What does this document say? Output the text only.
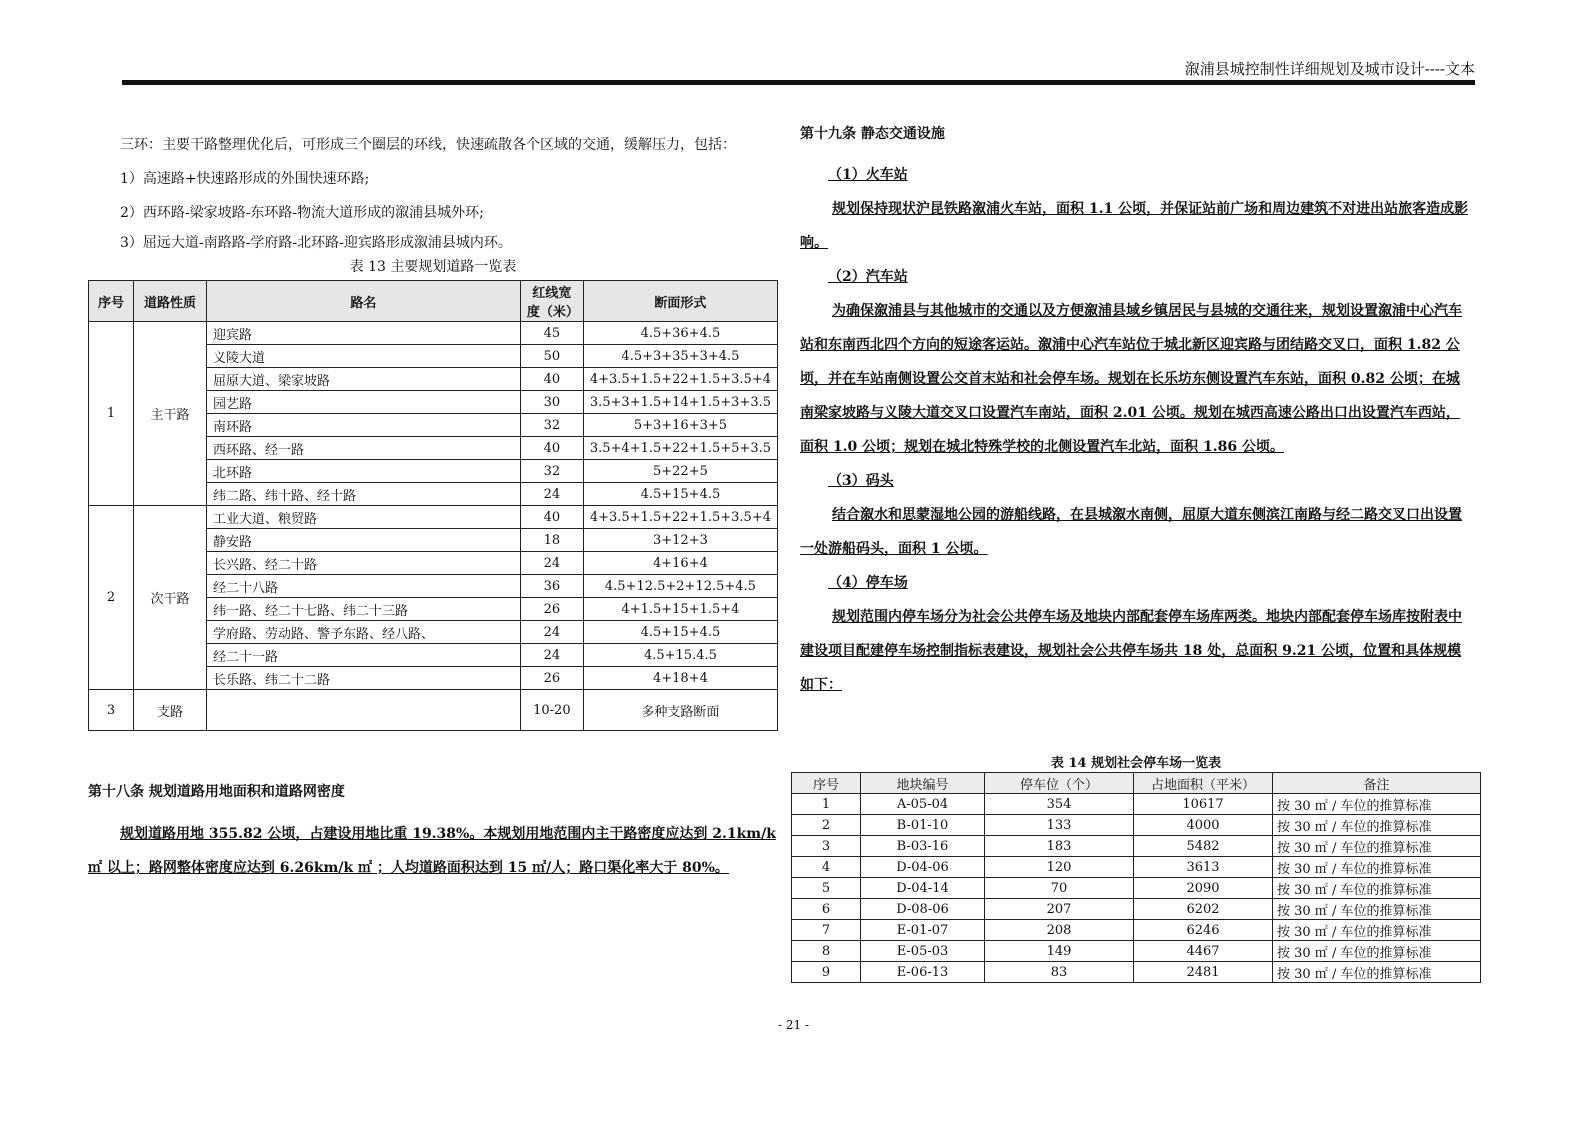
溆浦县城控制性详细规划及城市设计----文本

三环：主要干路整理优化后，可形成三个圈层的环线，快速疏散各个区域的交通，缓解压力，包括：

1）高速路+快速路形成的外围快速环路;

2）西环路-梁家坡路-东环路-物流大道形成的溆浦县城外环;

3）屈远大道-南路路-学府路-北环路-迎宾路形成溆浦县城内环。

表 13 主要规划道路一览表
序号	道路性质	路名	红线宽度（米）	断面形式
1	主干路	迎宾路	45	4.5+36+4.5
		义陵大道	50	4.5+3+35+3+4.5
		屈原大道、梁家坡路	40	4+3.5+1.5+22+1.5+3.5+4
		园艺路	30	3.5+3+1.5+14+1.5+3+3.5
		南环路	32	5+3+16+3+5
		西环路、经一路	40	3.5+4+1.5+22+1.5+5+3.5
		北环路	32	5+22+5
		纬二路、纬十路、经十路	24	4.5+15+4.5
2	次干路	工业大道、粮贸路	40	4+3.5+1.5+22+1.5+3.5+4
		静安路	18	3+12+3
		长兴路、经二十路	24	4+16+4
		经二十八路	36	4.5+12.5+2+12.5+4.5
		纬一路、经二十七路、纬二十三路	26	4+1.5+15+1.5+4
		学府路、劳动路、警予东路、经八路、	24	4.5+15+4.5
		经二十一路	24	4.5+15.4.5
		长乐路、纬二十二路	26	4+18+4
3	支路		10-20	多种支路断面

第十八条 规划道路用地面积和道路网密度

规划道路用地 355.82 公顷，占建设用地比重 19.38%。本规划用地范围内主干路密度应达到 2.1km/k ㎡ 以上；路网整体密度应达到 6.26km/k ㎡ ；人均道路面积达到 15 ㎡/人；路口渠化率大于 80%。

第十九条 静态交通设施

（1）火车站

规划保持现状沪昆铁路溆浦火车站，面积 1.1 公顷，并保证站前广场和周边建筑不对进出站旅客造成影响。

（2）汽车站

为确保溆浦县与其他城市的交通以及方便溆浦县域乡镇居民与县城的交通往来，规划设置溆浦中心汽车站和东南西北四个方向的短途客运站。溆浦中心汽车站位于城北新区迎宾路与团结路交叉口，面积 1.82 公顷，并在车站南侧设置公交首末站和社会停车场。规划在长乐坊东侧设置汽车东站，面积 0.82 公顷；在城南梁家坡路与义陵大道交叉口设置汽车南站，面积 2.01 公顷。规划在城西高速公路出口出设置汽车西站，面积 1.0 公顷；规划在城北特殊学校的北侧设置汽车北站，面积 1.86 公顷。

（3）码头

结合溆水和思蒙湿地公园的游船线路，在县城溆水南侧，屈原大道东侧滨江南路与经二路交叉口出设置一处游船码头，面积 1 公顷。

（4）停车场

规划范围内停车场分为社会公共停车场及地块内部配套停车场库两类。地块内部配套停车场库按附表中建设项目配建停车场控制指标表建设，规划社会公共停车场共 18 处，总面积 9.21 公顷，位置和具体规模如下：

表 14 规划社会停车场一览表
序号	地块编号	停车位（个）	占地面积（平米）	备注
1	A-05-04	354	10617	按 30 ㎡ / 车位的推算标准
2	B-01-10	133	4000	按 30 ㎡ / 车位的推算标准
3	B-03-16	183	5482	按 30 ㎡ / 车位的推算标准
4	D-04-06	120	3613	按 30 ㎡ / 车位的推算标准
5	D-04-14	70	2090	按 30 ㎡ / 车位的推算标准
6	D-08-06	207	6202	按 30 ㎡ / 车位的推算标准
7	E-01-07	208	6246	按 30 ㎡ / 车位的推算标准
8	E-05-03	149	4467	按 30 ㎡ / 车位的推算标准
9	E-06-13	83	2481	按 30 ㎡ / 车位的推算标准
- 21 -
